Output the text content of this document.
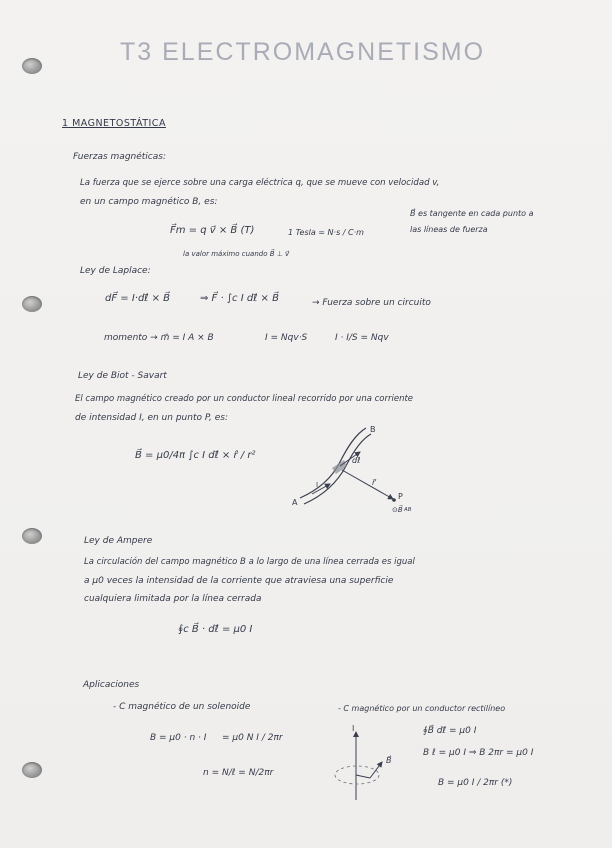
T3 ELECTROMAGNETISMO
1 MAGNETOSTÁTICA
Fuerzas magnéticas:
La fuerza que se ejerce sobre una carga eléctrica q, que se mueve con velocidad v,
en un campo magnético B, es:
F⃗m = q v⃗ × B⃗ (T)	1 Tesla = N·s / C·m
la valor máximo cuando B⃗ ⊥ v⃗
B⃗ es tangente en cada punto a
las líneas de fuerza
Ley de Laplace:
dF⃗ = I·dℓ⃗ × B⃗	⇒ F⃗ · ∫c I dℓ⃗ × B⃗	→ Fuerza sobre un circuito
momento → m⃗ = I A × B	I = Nqv·S	I · I/S = Nqv
Ley de Biot - Savart
El campo magnético creado por un conductor lineal recorrido por una corriente
de intensidad I, en un punto P, es:
B⃗ = μ0/4π ∫c I dℓ⃗ × r̂ / r²
B
A
I
dℓ⃗
r⃗
P
⊙B⃗ AB
Ley de Ampere
La circulación del campo magnético B a lo largo de una línea cerrada es igual
a μ0 veces la intensidad de la corriente que atraviesa una superficie
cualquiera limitada por la línea cerrada
∮c B⃗ · dℓ⃗ = μ0 I
Aplicaciones
- C magnético de un solenoide
B = μ0 · n · I = μ0 N I / 2πr
n = N/ℓ = N/2πr
- C magnético por un conductor rectilíneo
∮B⃗ dℓ⃗ = μ0 I
B ℓ = μ0 I ⇒ B 2πr = μ0 I
B = μ0 I / 2πr (*)
I
B⃗
